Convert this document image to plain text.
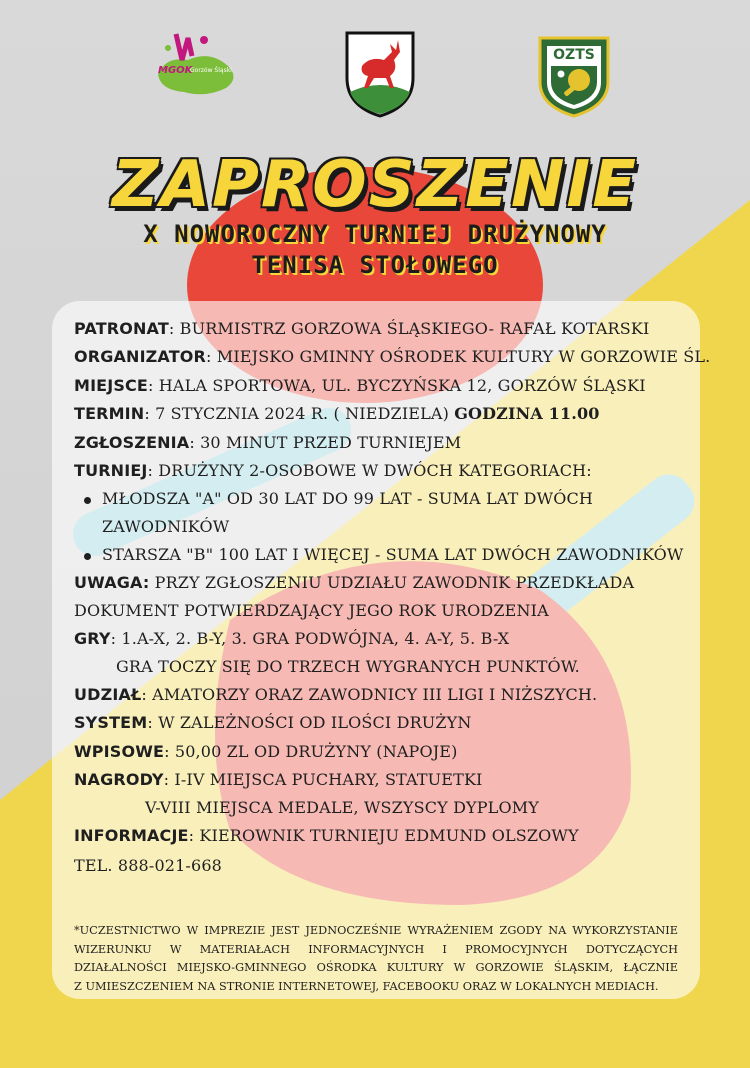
MGOK
Gorzów Śląski
OZTS
ZAPROSZENIE
X NOWOROCZNY TURNIEJ DRUŻYNOWY
TENISA STOŁOWEGO
PATRONAT: BURMISTRZ GORZOWA ŚLĄSKIEGO- RAFAŁ KOTARSKI
ORGANIZATOR: MIEJSKO GMINNY OŚRODEK KULTURY W GORZOWIE ŚL.
MIEJSCE: HALA SPORTOWA, UL. BYCZYŃSKA 12, GORZÓW ŚLĄSKI
TERMIN: 7 STYCZNIA 2024 R. ( NIEDZIELA) GODZINA 11.00
ZGŁOSZENIA: 30 MINUT PRZED TURNIEJEM
TURNIEJ: DRUŻYNY 2-OSOBOWE W DWÓCH KATEGORIACH:
MŁODSZA "A" OD 30 LAT DO 99 LAT - SUMA LAT DWÓCH
ZAWODNIKÓW
STARSZA "B" 100 LAT I WIĘCEJ - SUMA LAT DWÓCH ZAWODNIKÓW
UWAGA: PRZY ZGŁOSZENIU UDZIAŁU ZAWODNIK PRZEDKŁADA
DOKUMENT POTWIERDZAJĄCY JEGO ROK URODZENIA
GRY: 1.A-X, 2. B-Y, 3. GRA PODWÓJNA, 4. A-Y, 5. B-X
GRA TOCZY SIĘ DO TRZECH WYGRANYCH PUNKTÓW.
UDZIAŁ: AMATORZY ORAZ ZAWODNICY III LIGI I NIŻSZYCH.
SYSTEM: W ZALEŻNOŚCI OD ILOŚCI DRUŻYN
WPISOWE: 50,00 ZL OD DRUŻYNY (NAPOJE)
NAGRODY: I-IV MIEJSCA PUCHARY, STATUETKI
V-VIII MIEJSCA MEDALE, WSZYSCY DYPLOMY
INFORMACJE: KIEROWNIK TURNIEJU EDMUND OLSZOWY
TEL. 888-021-668
*UCZESTNICTWO W IMPREZIE JEST JEDNOCZEŚNIE WYRAŻENIEM ZGODY NA WYKORZYSTANIE
WIZERUNKU W MATERIAŁACH INFORMACYJNYCH I PROMOCYJNYCH DOTYCZĄCYCH
DZIAŁALNOŚCI MIEJSKO-GMINNEGO OŚRODKA KULTURY W GORZOWIE ŚLĄSKIM, ŁĄCZNIE
Z UMIESZCZENIEM NA STRONIE INTERNETOWEJ, FACEBOOKU ORAZ W LOKALNYCH MEDIACH.
